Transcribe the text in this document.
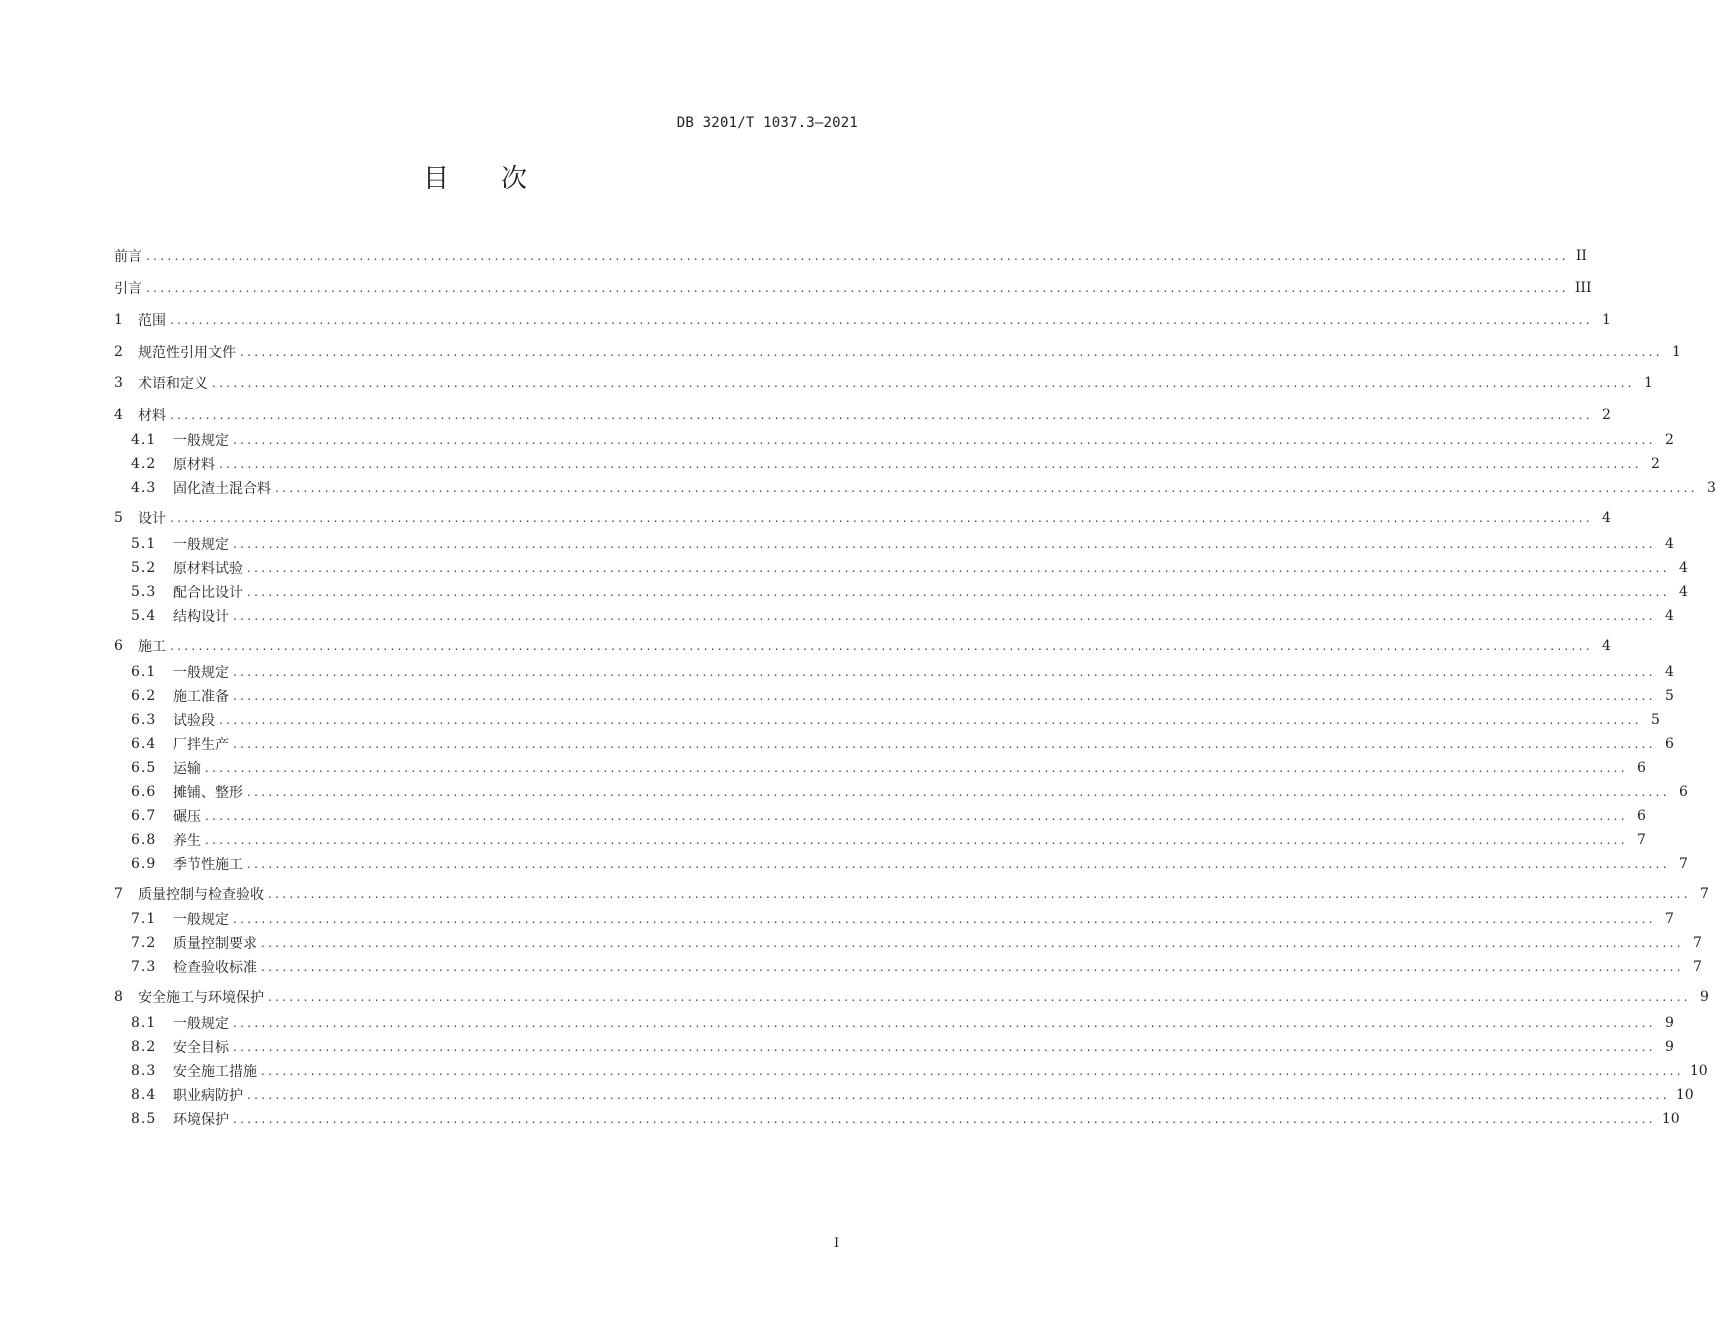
DB 3201/T 1037.3—2021
目次
前言 ........................................................................................................................................................................................................ II
引言 ........................................................................................................................................................................................................ III
1	范围 ........................................................................................................................................................................................................ 1
2	规范性引用文件 ........................................................................................................................................................................................................ 1
3	术语和定义 ........................................................................................................................................................................................................ 1
4	材料 ........................................................................................................................................................................................................ 2
4.1	一般规定 ........................................................................................................................................................................................................ 2
4.2	原材料 ........................................................................................................................................................................................................ 2
4.3	固化渣土混合料 ........................................................................................................................................................................................................ 3
5	设计 ........................................................................................................................................................................................................ 4
5.1	一般规定 ........................................................................................................................................................................................................ 4
5.2	原材料试验 ........................................................................................................................................................................................................ 4
5.3	配合比设计 ........................................................................................................................................................................................................ 4
5.4	结构设计 ........................................................................................................................................................................................................ 4
6	施工 ........................................................................................................................................................................................................ 4
6.1	一般规定 ........................................................................................................................................................................................................ 4
6.2	施工准备 ........................................................................................................................................................................................................ 5
6.3	试验段 ........................................................................................................................................................................................................ 5
6.4	厂拌生产 ........................................................................................................................................................................................................ 6
6.5	运输 ........................................................................................................................................................................................................ 6
6.6	摊铺、整形 ........................................................................................................................................................................................................ 6
6.7	碾压 ........................................................................................................................................................................................................ 6
6.8	养生 ........................................................................................................................................................................................................ 7
6.9	季节性施工 ........................................................................................................................................................................................................ 7
7	质量控制与检查验收 ........................................................................................................................................................................................................ 7
7.1	一般规定 ........................................................................................................................................................................................................ 7
7.2	质量控制要求 ........................................................................................................................................................................................................ 7
7.3	检查验收标准 ........................................................................................................................................................................................................ 7
8	安全施工与环境保护 ........................................................................................................................................................................................................ 9
8.1	一般规定 ........................................................................................................................................................................................................ 9
8.2	安全目标 ........................................................................................................................................................................................................ 9
8.3	安全施工措施 ........................................................................................................................................................................................................ 10
8.4	职业病防护 ........................................................................................................................................................................................................ 10
8.5	环境保护 ........................................................................................................................................................................................................ 10
I
